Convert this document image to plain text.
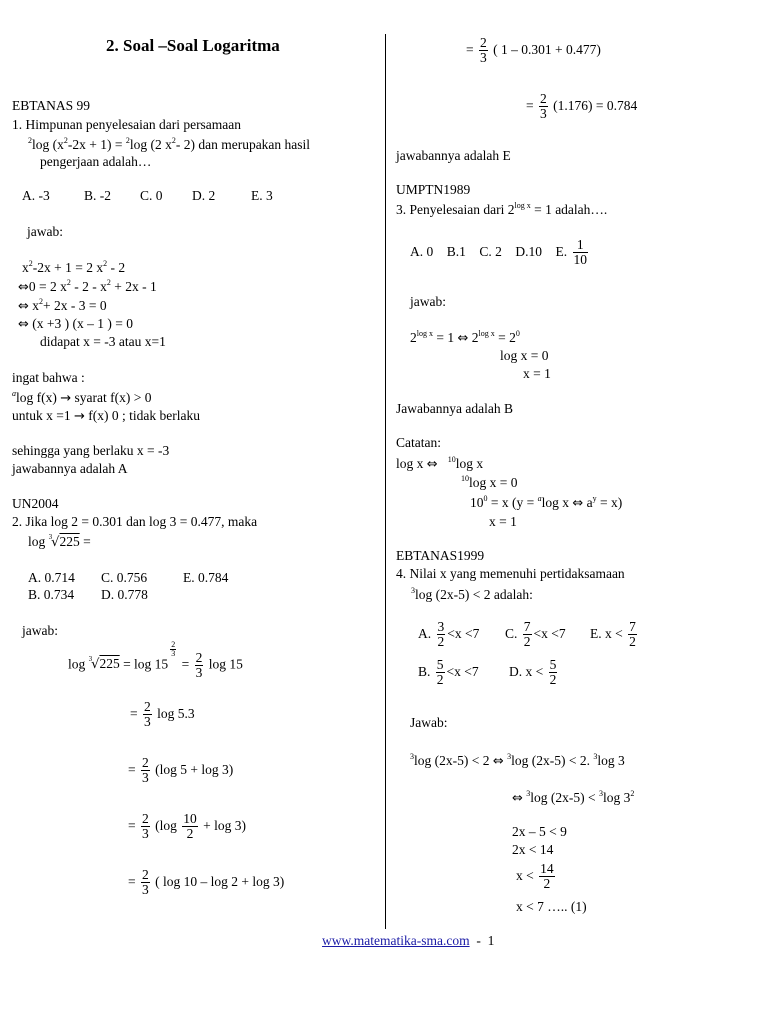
2. Soal –Soal Logaritma
EBTANAS 99
1. Himpunan penyelesaian dari persamaan
$^2$log $(x^2-2x + 1) = ^2\log$ (2 $x^2-$ 2) dan merupakan hasil
pengerjaan adalah…
A. -3	B. -2 C. 0 D. 2	E. 3
jawab:
$x^2-2x + 1 = 2$ $x^2 - 2$
⇔0 = 2 $x^2 - 2 - x^2 + 2x - 1$
⇔ $x^2+ 2x - 3 = 0$
⇔ (x +3 ) (x – 1 ) = 0
didapat x = -3 atau x=1
ingat bahwa :
$^a$log f(x) → syarat f(x) > 0
untuk x =1 → f(x) 0 ; tidak berlaku
sehingga yang berlaku x = -3
jawabannya adalah A
UN2004
2. Jika log 2 = 0.301 dan log 3 = 0.477, maka
log $^3$√225 =
A. 0.714 C. 0.756	E. 0.784
B. 0.734 D. 0.778
jawab:
log $^3$√225 = log 15
$\frac{2}{3}$
= $\frac{2}{3}$ log 15
= $\frac{2}{3}$ log 5.3
= $\frac{2}{3} (\log$ 5 + log 3)
= $\frac{2}{3} (\log \frac{10}{2} + \log 3)$
= $\frac{2}{3}$ ( log 10 – log 2 + log 3)
= $\frac{2}{3}$ ( 1 – 0.301 + 0.477)
= $\frac{2}{3} (1.176) = 0.784$
jawabannya adalah E
UMPTN1989
3. Penyelesaian dari $2^{log x} = 1$ adalah….
A. 0 B.1 C. 2 D.10 E. $\frac{1}{10}$
jawab:
$2^{log x} = 1$ ⇔ $2^{log x} = 2^0$
log x = 0
x = 1
Jawabannya adalah B
Catatan:
log x ⇔ $^{10}$log x
$^{10}$log x = 0
$10^0 = x$ (y = $^a$log x ⇔ $a^y = x$)
x = 1
EBTANAS1999
4. Nilai x yang memenuhi pertidaksamaan
$^3$log (2x-5) < 2 adalah:
A. $\frac{3}{2} <x <7$ C. $\frac{7}{2} <x <7$ E. $x < \frac{7}{2}$
B. $\frac{5}{2} <x <7$ D. $x < \frac{5}{2}$
Jawab:
$^3$log (2x-5) < 2 ⇔ $^3$log (2x-5) < 2. $^3$log 3
⇔ $^3$log (2x-5) < $^3$log $3^2$
2x – 5 < 9
2x < 14
$x < \frac{14}{2}$
x < 7 ….. (1)
www.matematika-sma.com - 1
